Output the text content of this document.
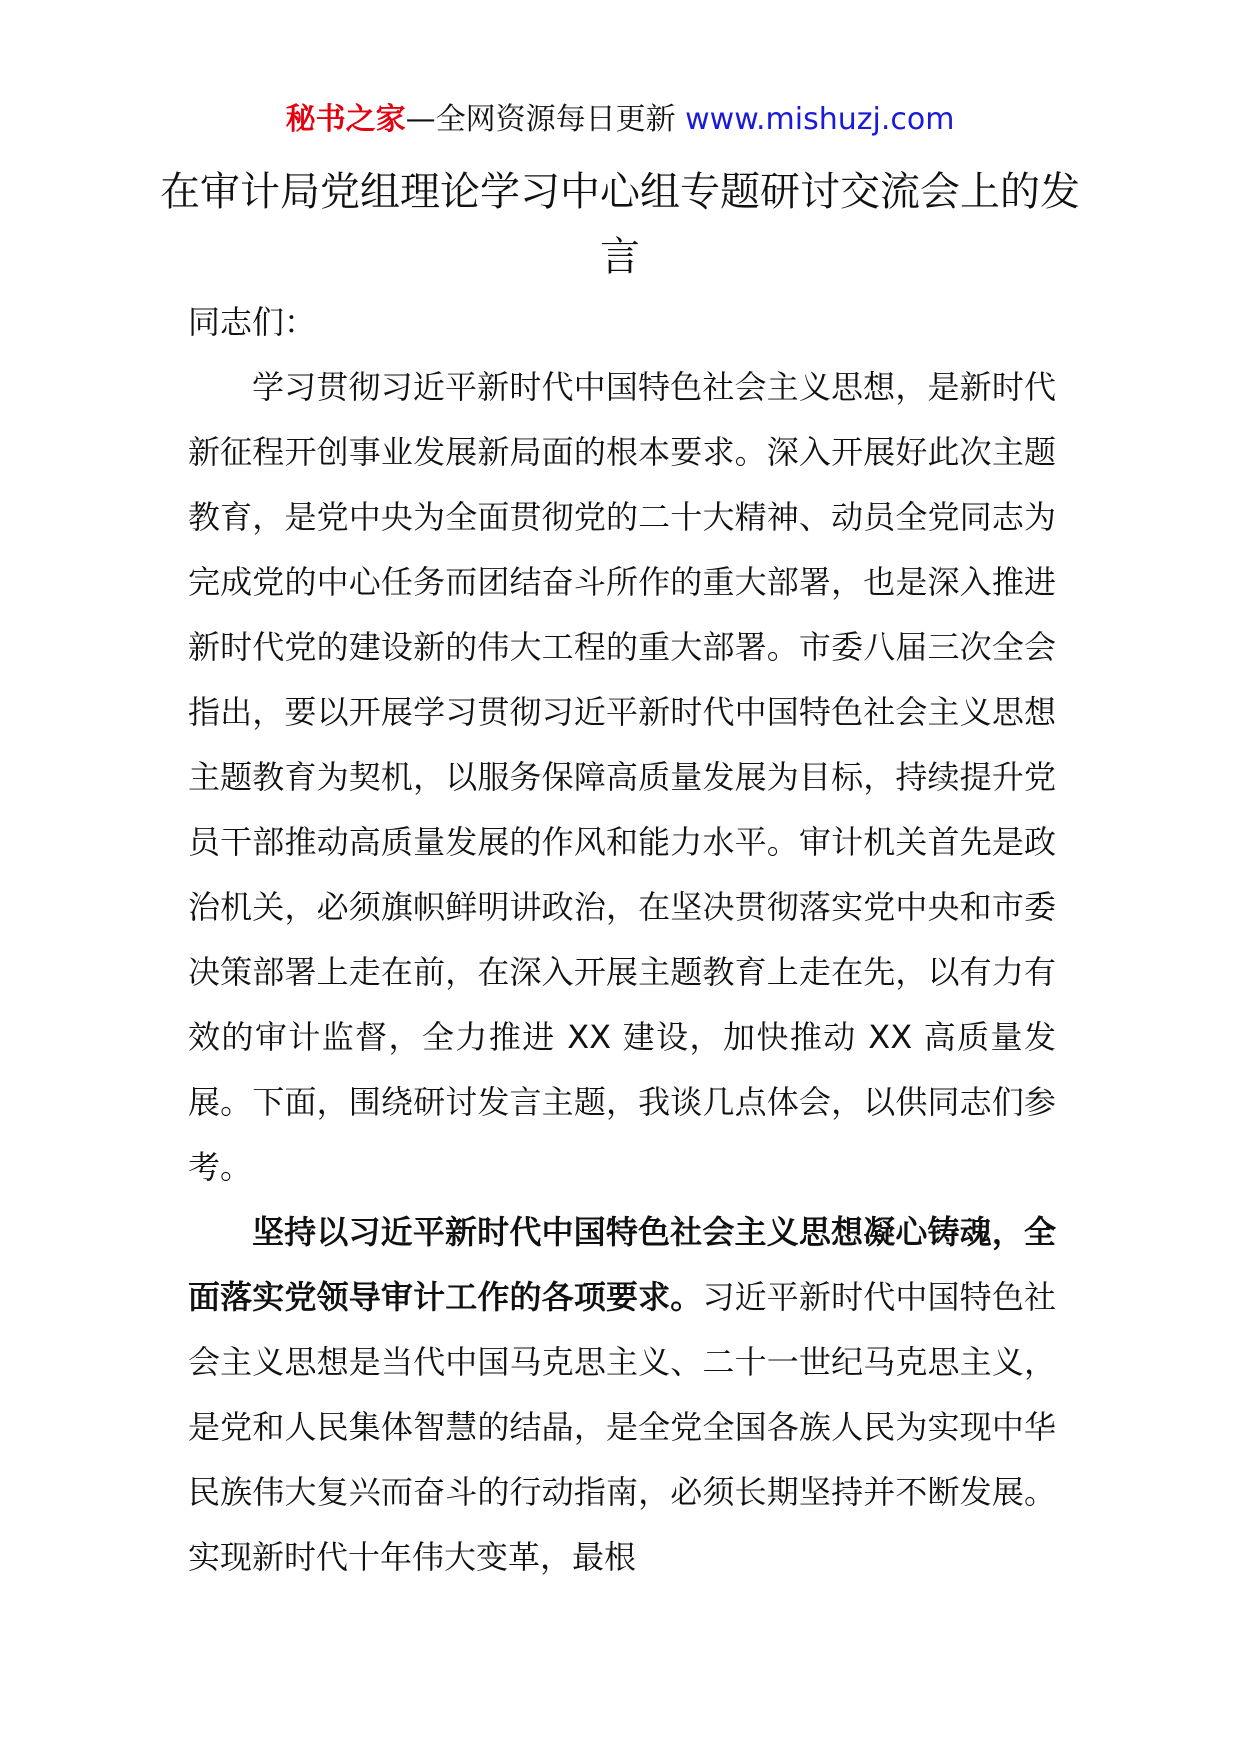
秘书之家—全网资源每日更新 www.mishuzj.com
在审计局党组理论学习中心组专题研讨交流会上的发言

同志们：

学习贯彻习近平新时代中国特色社会主义思想，是新时代新征程开创事业发展新局面的根本要求。深入开展好此次主题教育，是党中央为全面贯彻党的二十大精神、动员全党同志为完成党的中心任务而团结奋斗所作的重大部署，也是深入推进新时代党的建设新的伟大工程的重大部署。市委八届三次全会指出，要以开展学习贯彻习近平新时代中国特色社会主义思想主题教育为契机，以服务保障高质量发展为目标，持续提升党员干部推动高质量发展的作风和能力水平。审计机关首先是政治机关，必须旗帜鲜明讲政治，在坚决贯彻落实党中央和市委决策部署上走在前，在深入开展主题教育上走在先，以有力有效的审计监督，全力推进 XX 建设，加快推动 XX 高质量发展。下面，围绕研讨发言主题，我谈几点体会，以供同志们参考。

坚持以习近平新时代中国特色社会主义思想凝心铸魂，全面落实党领导审计工作的各项要求。习近平新时代中国特色社会主义思想是当代中国马克思主义、二十一世纪马克思主义，是党和人民集体智慧的结晶，是全党全国各族人民为实现中华民族伟大复兴而奋斗的行动指南，必须长期坚持并不断发展。实现新时代十年伟大变革，最根
